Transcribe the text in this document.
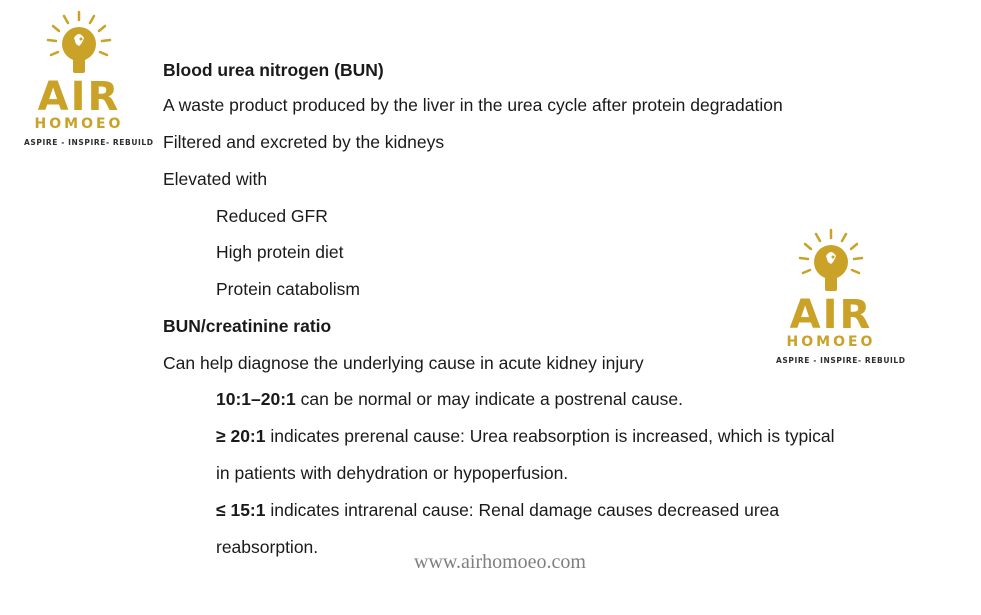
AIR
HOMOEO
ASPIRE - INSPIRE- REBUILD
AIR
HOMOEO
ASPIRE - INSPIRE- REBUILD
Blood urea nitrogen (BUN)
A waste product produced by the liver in the urea cycle after protein degradation
Filtered and excreted by the kidneys
Elevated with
Reduced GFR
High protein diet
Protein catabolism
BUN/creatinine ratio
Can help diagnose the underlying cause in acute kidney injury
10:1–20:1 can be normal or may indicate a postrenal cause.
≥ 20:1 indicates prerenal cause: Urea reabsorption is increased, which is typical
in patients with dehydration or hypoperfusion.
≤ 15:1 indicates intrarenal cause: Renal damage causes decreased urea
reabsorption.
www.airhomoeo.com
